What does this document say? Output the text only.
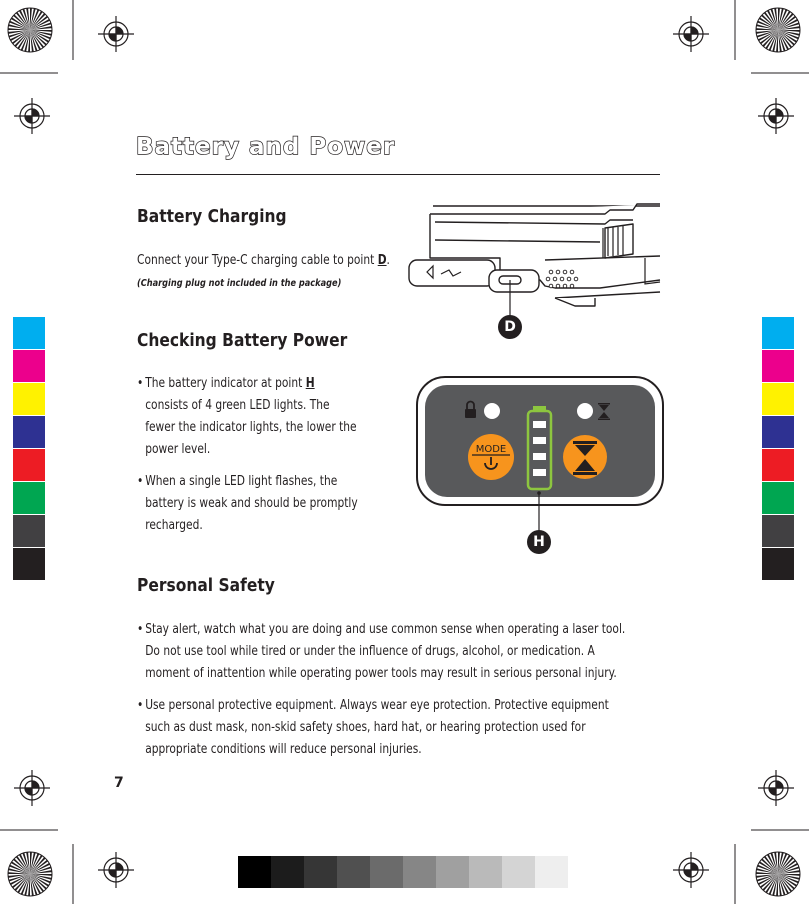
Battery and Power
Battery Charging
Connect your Type-C charging cable to point D. (Charging plug not included in the package)
D
Checking Battery Power
• The battery indicator at point H consists of 4 green LED lights. The fewer the indicator lights, the lower the power level.
• When a single LED light flashes, the battery is weak and should be promptly recharged.
MODE
H
Personal Safety
• Stay alert, watch what you are doing and use common sense when operating a laser tool.
Do not use tool while tired or under the influence of drugs, alcohol, or medication. A
moment of inattention while operating power tools may result in serious personal injury.
• Use personal protective equipment. Always wear eye protection. Protective equipment
such as dust mask, non-skid safety shoes, hard hat, or hearing protection used for
appropriate conditions will reduce personal injuries.
7
